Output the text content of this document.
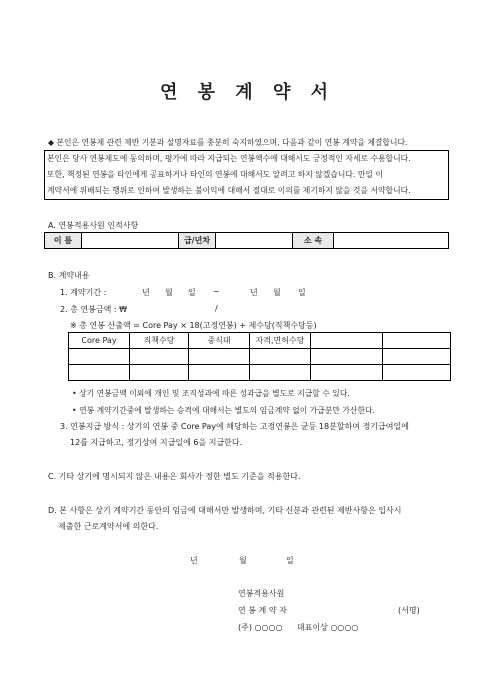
연 봉 계 약 서
◆ 본인은 연봉제 관련 제반 기분과 설명자료를 충분히 숙지하였으며, 다음과 같이 연봉 계약을 체결합니다.
본인은 당사 연봉제도에 동의하며, 평가에 따라 지급되는 연봉액수에 대해서도 긍정적인 자세로 수용합니다.
또한, 책정된 연봉을 타인에게 공표하거나 타인의 연봉에 대해서도 알려고 하지 않겠습니다. 만일 이
계약서에 위배되는 행위로 인하여 발생하는 불이익에 대해서 절대로 이의를 제기하지 않을 것을 서약합니다.
A. 연봉적용사원 인적사항
이 름		급/년차		소 속	
B. 계약내용
1. 계약기간 :	년 월 일 ~	년 월 일
2. 총 연봉금액 : ₩	/
※ 총 연봉 산출액 = Core Pay × 18(고정연봉) + 제수당(직책수당등)
Core Pay	직책수당	중식대	자격,면허수당		

• 상기 연봉금액 이외에 개인 및 조직성과에 따른 성과급을 별도로 지급할 수 있다.
• 연봉 계약기간중에 발생하는 승격에 대해서는 별도의 임금계약 없이 가급분만 가산한다.
3. 연봉지급 방식 : 상기의 연봉 중 Core Pay에 해당하는 고정연봉은 균등 18분할하여 정기급여일에
12를 지급하고, 정기상여 지급일에 6을 지급한다.
C. 기타 상기에 명시되지 않은 내용은 회사가 정한 별도 기준을 적용한다.
D. 본 사항은 상기 계약기간 동안의 임금에 대해서만 발생하며, 기타 신분과 관련된 제반사항은 입사시
제출한 근로계약서에 의한다.
년	월	일
연봉적용사원
연 봉 계 약 자	(서명)
(주) ○○○○ 대표이상 ○○○○
